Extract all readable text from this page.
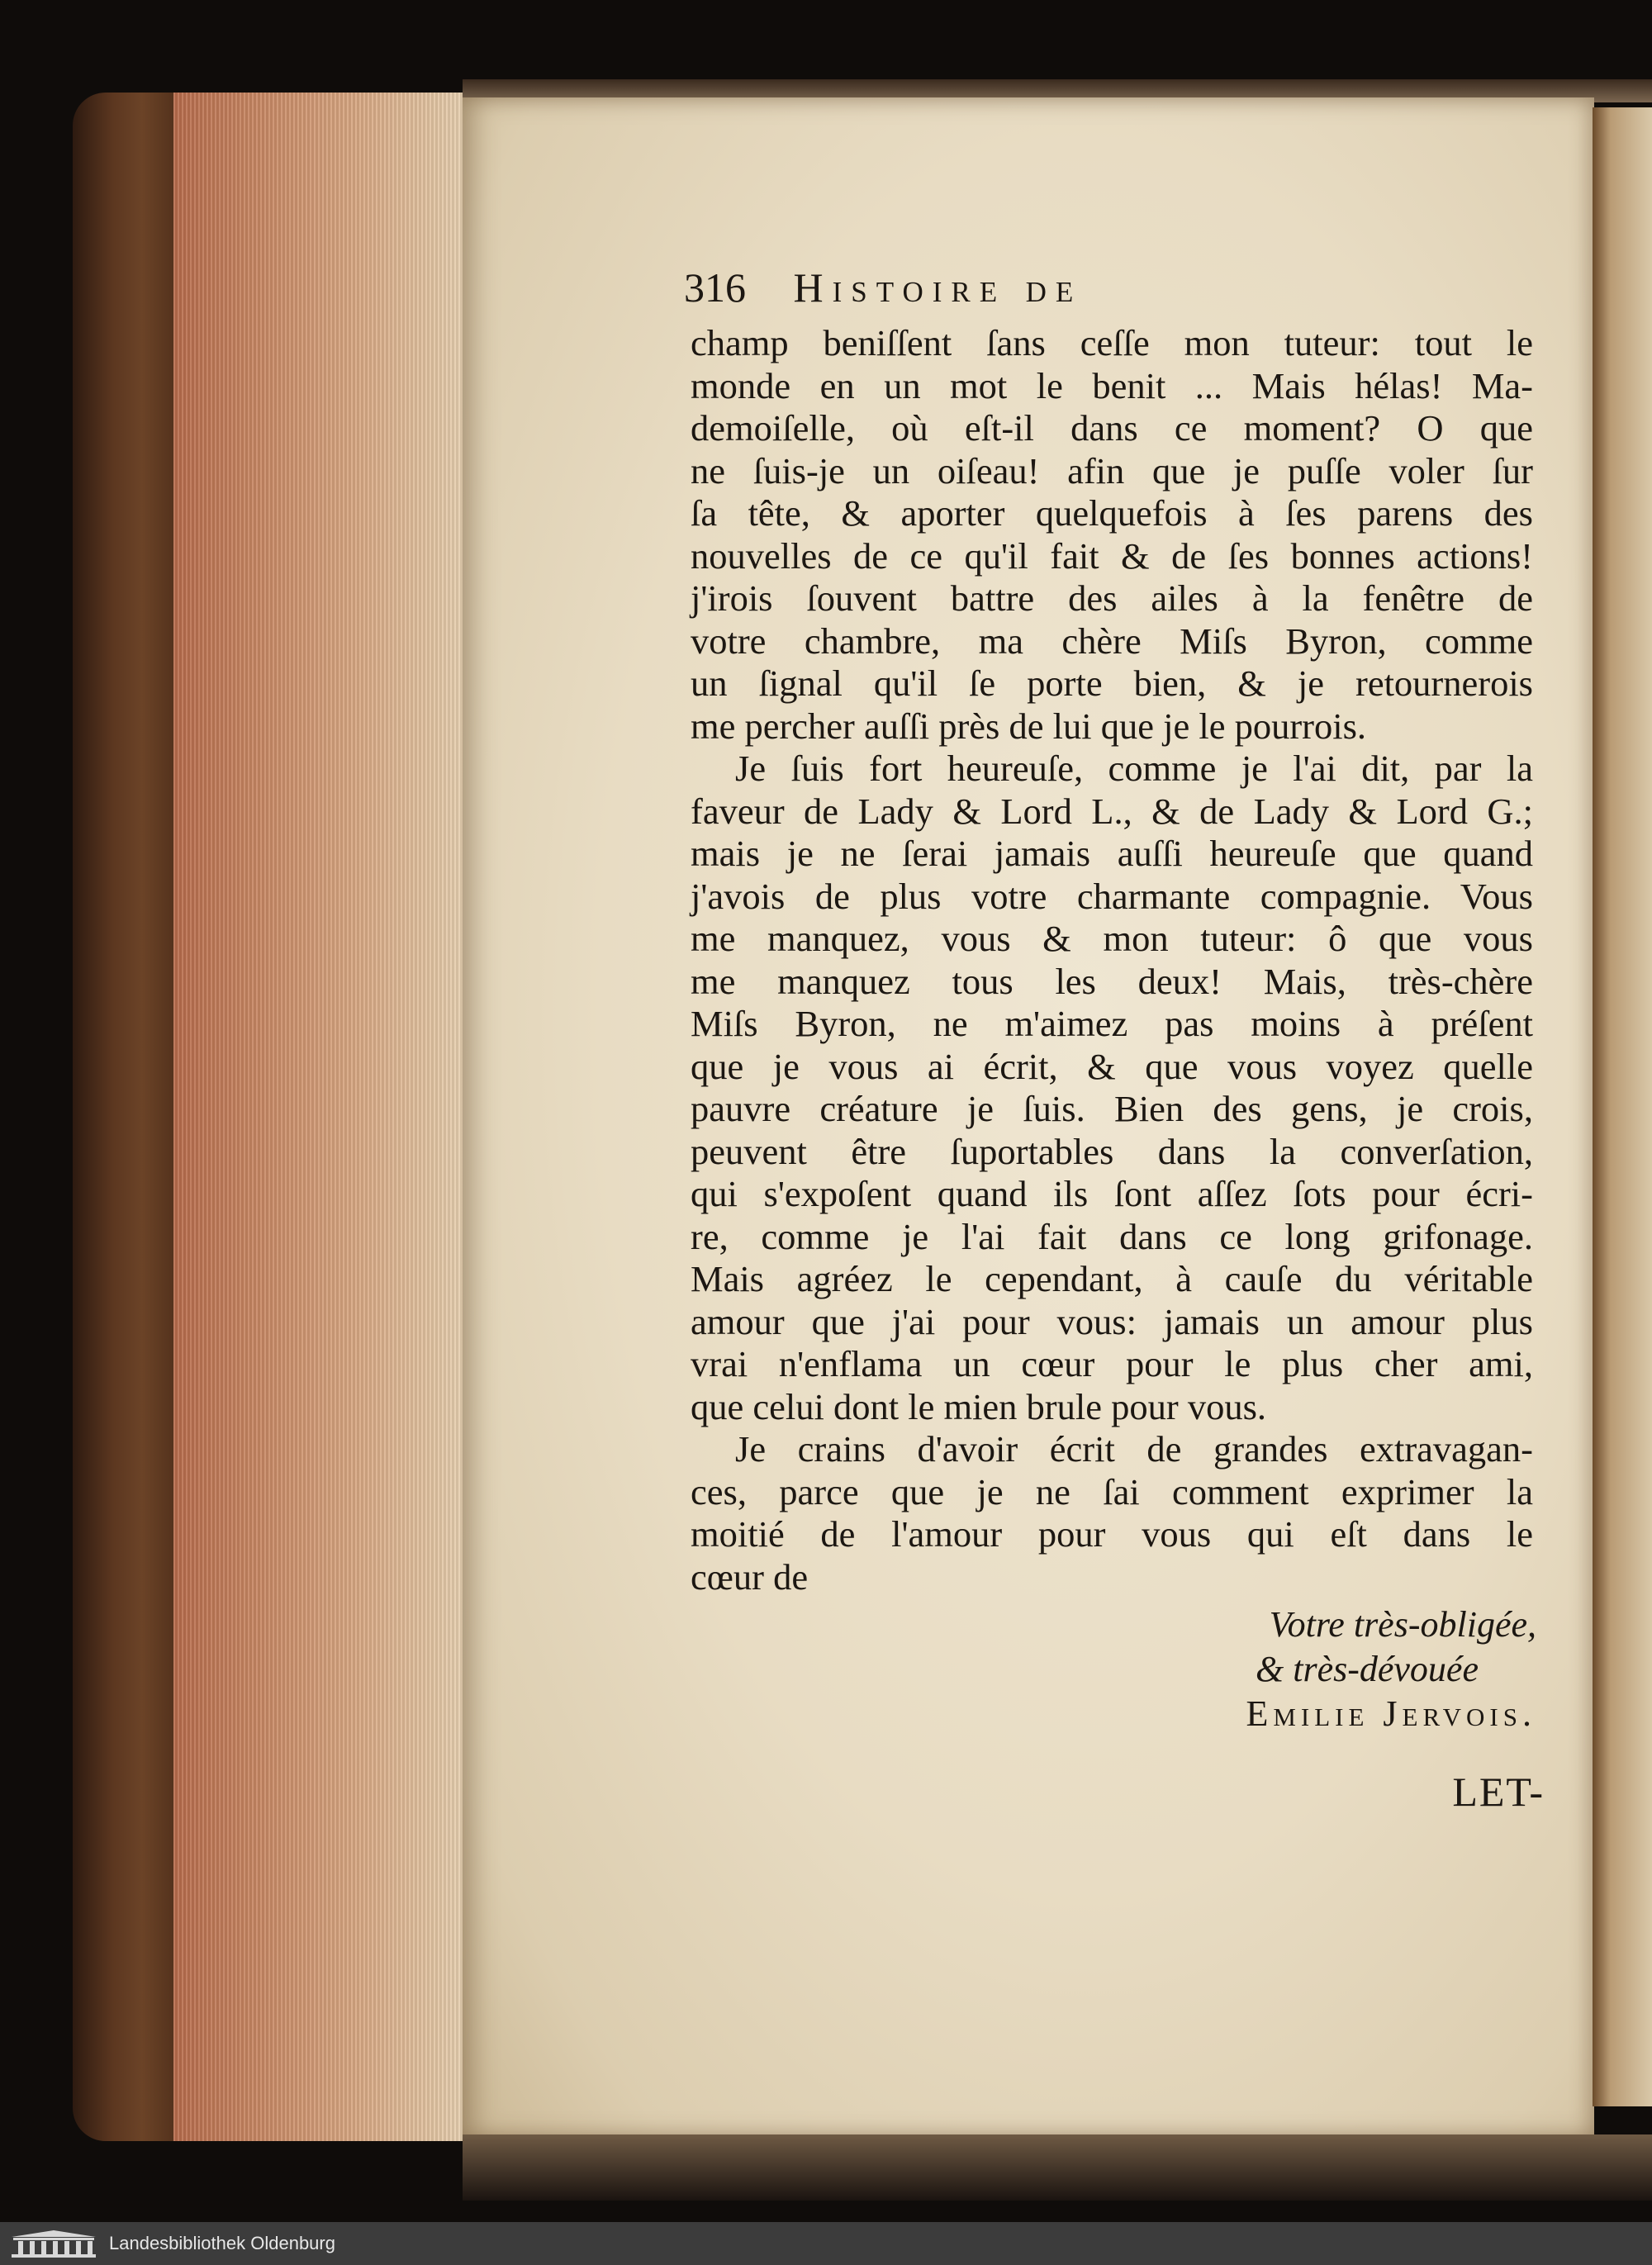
316 Histoire de
champ beniſſent ſans ceſſe mon tuteur: tout le
monde en un mot le benit ... Mais hélas! Ma-
demoiſelle, où eſt-il dans ce moment? O que
ne ſuis-je un oiſeau! afin que je puſſe voler ſur
ſa tête, & aporter quelquefois à ſes parens des
nouvelles de ce qu'il fait & de ſes bonnes actions!
j'irois ſouvent battre des ailes à la fenêtre de
votre chambre, ma chère Miſs Byron, comme
un ſignal qu'il ſe porte bien, & je retournerois
me percher auſſi près de lui que je le pourrois.
Je ſuis fort heureuſe, comme je l'ai dit, par la
faveur de Lady & Lord L., & de Lady & Lord G.;
mais je ne ſerai jamais auſſi heureuſe que quand
j'avois de plus votre charmante compagnie. Vous
me manquez, vous & mon tuteur: ô que vous
me manquez tous les deux! Mais, très-chère
Miſs Byron, ne m'aimez pas moins à préſent
que je vous ai écrit, & que vous voyez quelle
pauvre créature je ſuis. Bien des gens, je crois,
peuvent être ſuportables dans la converſation,
qui s'expoſent quand ils ſont aſſez ſots pour écri-
re, comme je l'ai fait dans ce long grifonage.
Mais agréez le cependant, à cauſe du véritable
amour que j'ai pour vous: jamais un amour plus
vrai n'enflama un cœur pour le plus cher ami,
que celui dont le mien brule pour vous.
Je crains d'avoir écrit de grandes extravagan-
ces, parce que je ne ſai comment exprimer la
moitié de l'amour pour vous qui eſt dans le
cœur de
Votre très-obligée,
& très-dévouée
Emilie Jervois.
LET-
Landesbibliothek Oldenburg
